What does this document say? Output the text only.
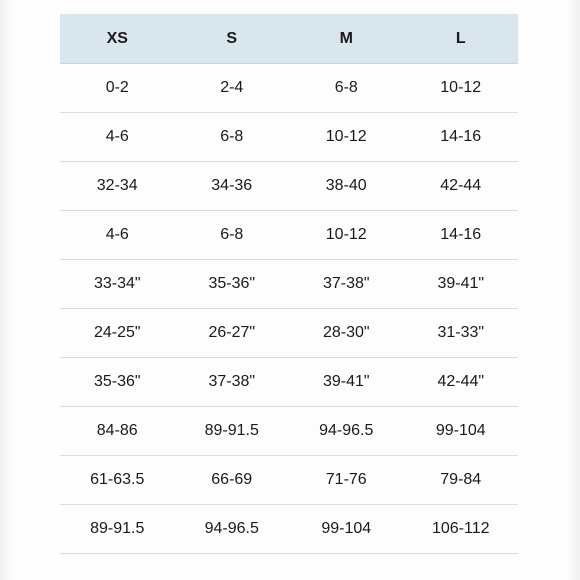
XS	S	M	L
0-2	2-4	6-8	10-12
4-6	6-8	10-12	14-16
32-34	34-36	38-40	42-44
4-6	6-8	10-12	14-16
33-34"	35-36"	37-38"	39-41"
24-25"	26-27"	28-30"	31-33"
35-36"	37-38"	39-41"	42-44"
84-86	89-91.5	94-96.5	99-104
61-63.5	66-69	71-76	79-84
89-91.5	94-96.5	99-104	106-112
